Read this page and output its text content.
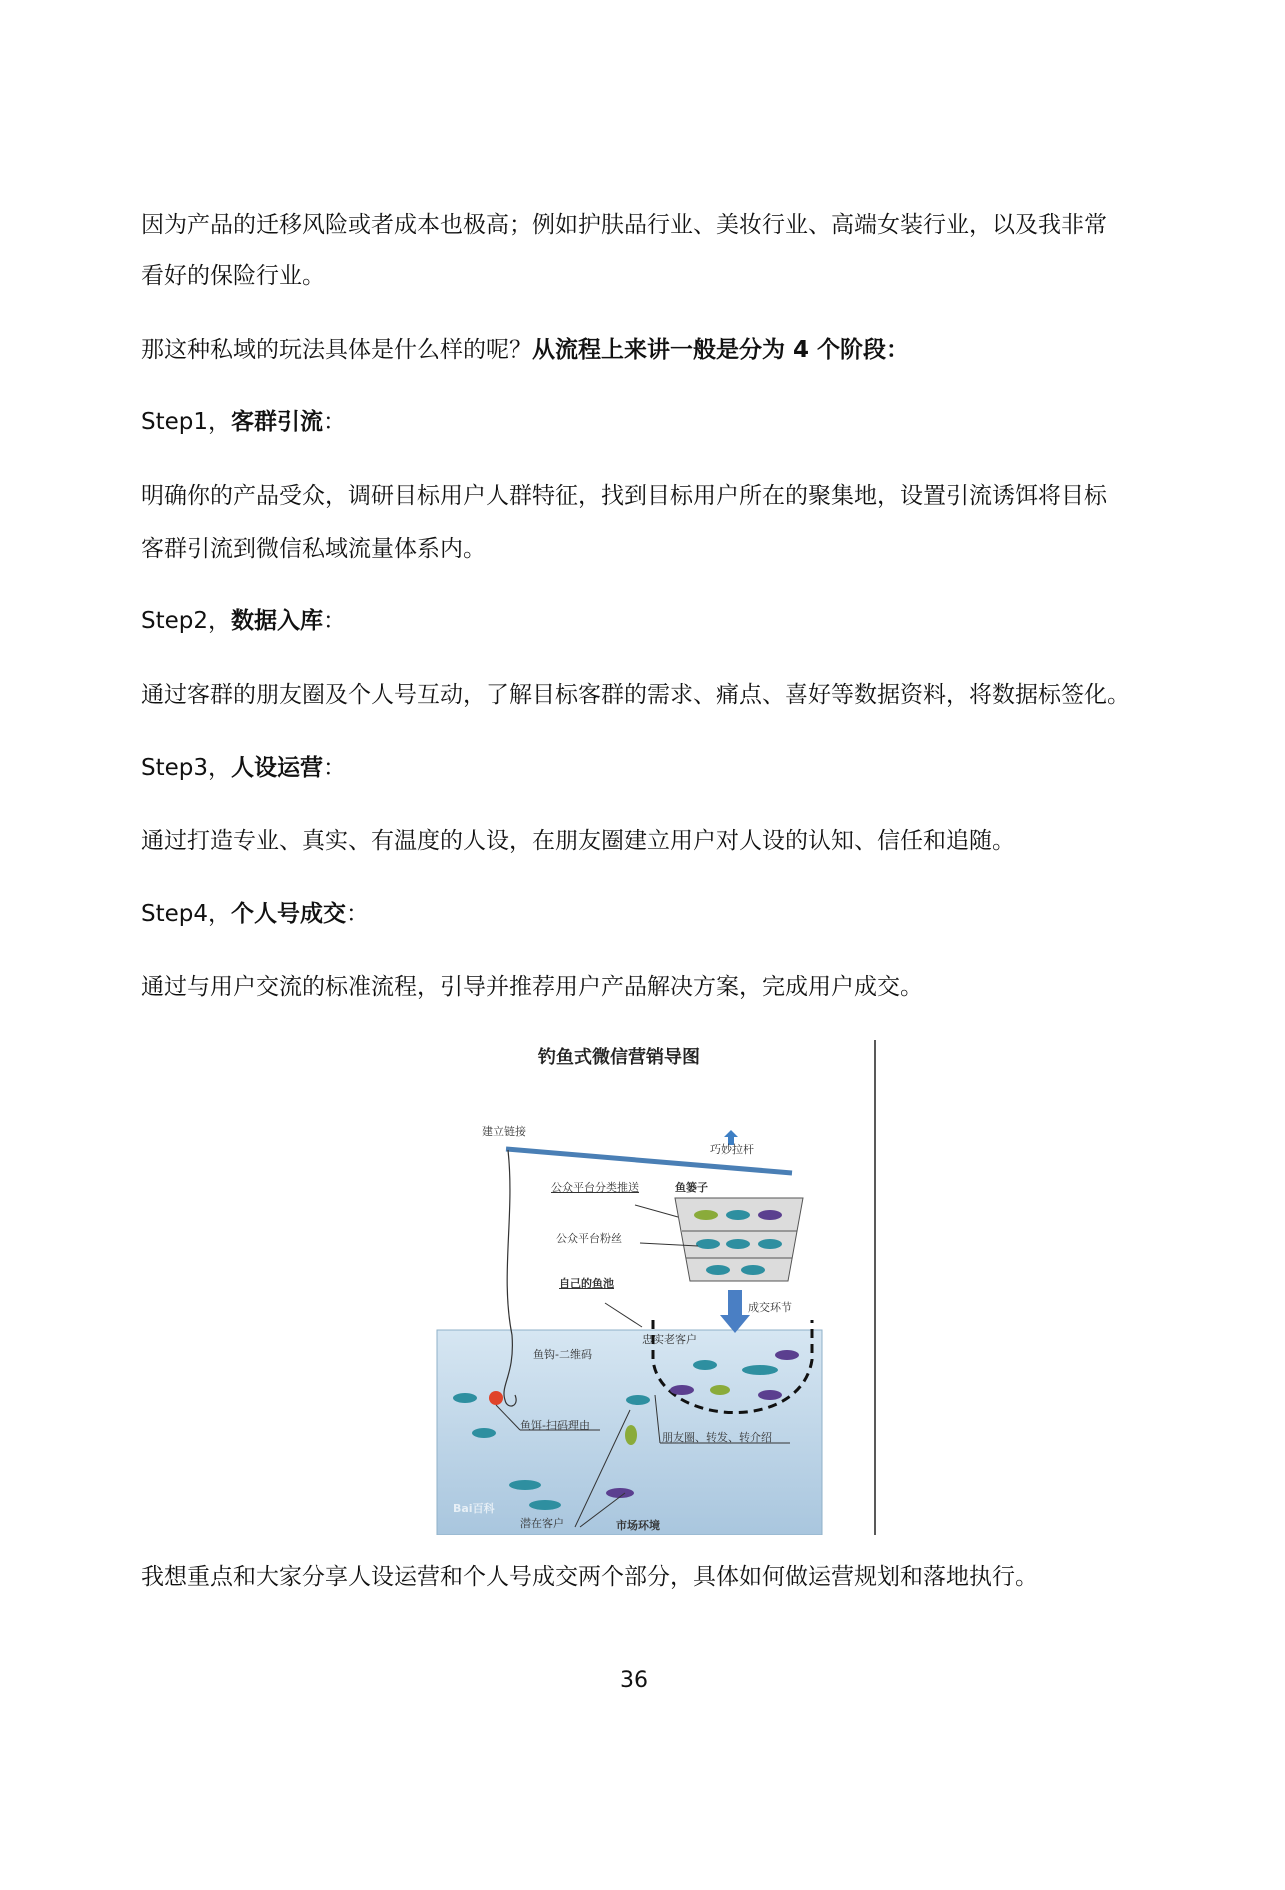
因为产品的迁移风险或者成本也极高；例如护肤品行业、美妆行业、高端女装行业，以及我非常
看好的保险行业。
那这种私域的玩法具体是什么样的呢？从流程上来讲一般是分为 4 个阶段：
Step1，客群引流：
明确你的产品受众，调研目标用户人群特征，找到目标用户所在的聚集地，设置引流诱饵将目标
客群引流到微信私域流量体系内。
Step2，数据入库：
通过客群的朋友圈及个人号互动，了解目标客群的需求、痛点、喜好等数据资料，将数据标签化。
Step3，人设运营：
通过打造专业、真实、有温度的人设，在朋友圈建立用户对人设的认知、信任和追随。
Step4，个人号成交：
通过与用户交流的标准流程，引导并推荐用户产品解决方案，完成用户成交。
钓鱼式微信营销导图
建立链接
巧妙拉杆
公众平台分类推送	鱼篓子
公众平台粉丝
自己的鱼池
成交环节
忠实老客户
鱼钩-二维码
鱼饵-扫码理由
朋友圈、转发、转介绍
潜在客户	市场环境
Bai百科
我想重点和大家分享人设运营和个人号成交两个部分，具体如何做运营规划和落地执行。
36
